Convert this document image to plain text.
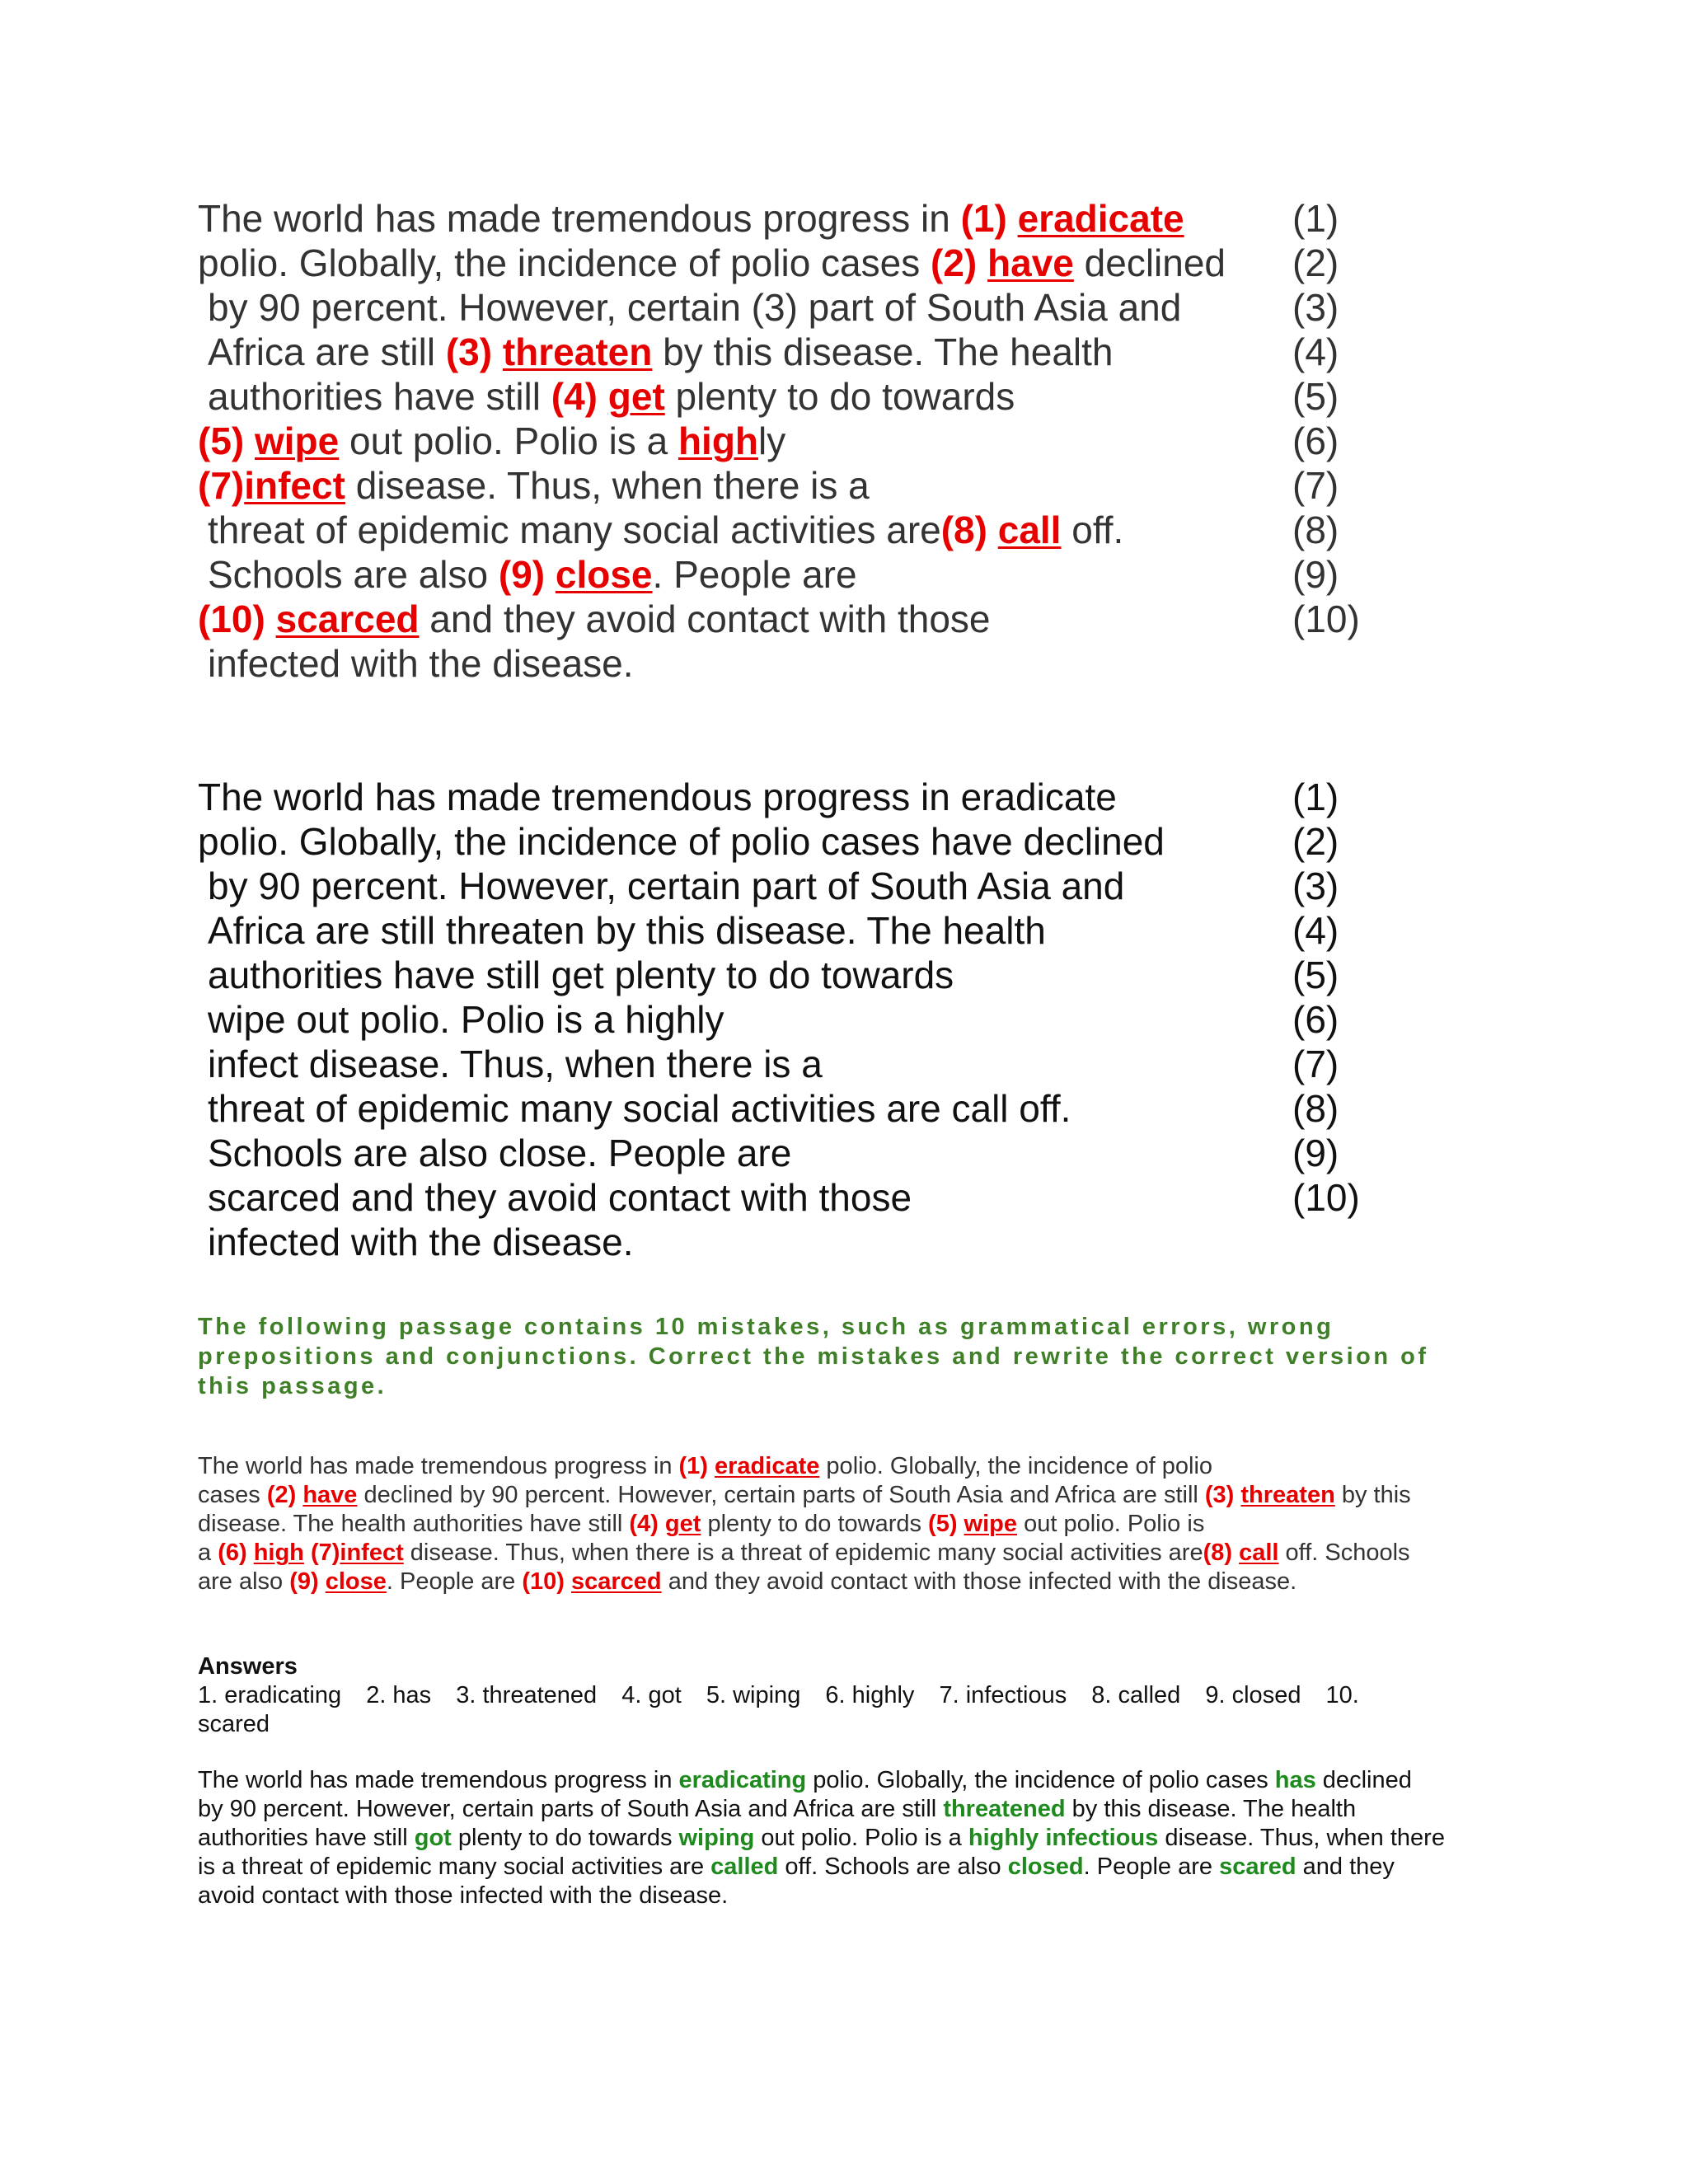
The world has made tremendous progress in (1) eradicate	(1)
polio. Globally, the incidence of polio cases (2) have declined (2)
by 90 percent. However, certain (3) part of South Asia and	(3)
Africa are still (3) threaten by this disease. The health	(4)
authorities have still (4) get plenty to do towards	(5)
(5) wipe out polio. Polio is a highly	(6)
(7)infect disease. Thus, when there is a	(7)
threat of epidemic many social activities are(8) call off.	(8)
Schools are also (9) close. People are	(9)
(10) scarced and they avoid contact with those	(10)
infected with the disease.
The world has made tremendous progress in eradicate	(1)
polio. Globally, the incidence of polio cases have declined	(2)
by 90 percent. However, certain part of South Asia and	(3)
Africa are still threaten by this disease. The health	(4)
authorities have still get plenty to do towards	(5)
wipe out polio. Polio is a highly	(6)
infect disease. Thus, when there is a	(7)
threat of epidemic many social activities are call off.	(8)
Schools are also close. People are	(9)
scarced and they avoid contact with those	(10)
infected with the disease.
The following passage contains 10 mistakes, such as grammatical errors, wrong prepositions and conjunctions. Correct the mistakes and rewrite the correct version of this passage.
The world has made tremendous progress in (1) eradicate polio. Globally, the incidence of polio
cases (2) have declined by 90 percent. However, certain parts of South Asia and Africa are still (3) threaten by this
disease. The health authorities have still (4) get plenty to do towards (5) wipe out polio. Polio is
a (6) high (7)infect disease. Thus, when there is a threat of epidemic many social activities are(8) call off. Schools
are also (9) close. People are (10) scarced and they avoid contact with those infected with the disease.
Answers
1. eradicating 2. has 3. threatened 4. got 5. wiping 6. highly 7. infectious 8. called 9. closed 10.
scared
The world has made tremendous progress in eradicating polio. Globally, the incidence of polio cases has declined
by 90 percent. However, certain parts of South Asia and Africa are still threatened by this disease. The health
authorities have still got plenty to do towards wiping out polio. Polio is a highly infectious disease. Thus, when there
is a threat of epidemic many social activities are called off. Schools are also closed. People are scared and they
avoid contact with those infected with the disease.
